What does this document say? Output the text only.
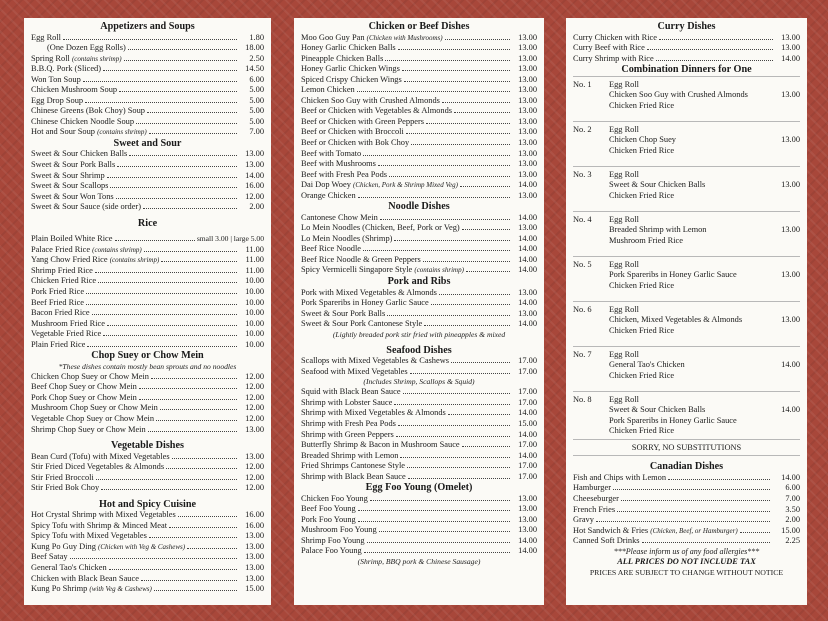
Appetizers and Soups
Egg Roll	1.80
(One Dozen Egg Rolls)	18.00
Spring Roll (contains shrimp)	2.50
B.B.Q. Pork (Sliced)	14.50
Won Ton Soup	6.00
Chicken Mushroom Soup	5.00
Egg Drop Soup	5.00
Chinese Greens (Bok Choy) Soup	5.00
Chinese Chicken Noodle Soup	5.00
Hot and Sour Soup (contains shrimp)	7.00
Sweet and Sour
Sweet & Sour Chicken Balls	13.00
Sweet & Sour Pork Balls	13.00
Sweet & Sour Shrimp	14.00
Sweet & Sour Scallops	16.00
Sweet & Sour Won Tons	12.00
Sweet & Sour Sauce (side order)	2.00
Rice
Plain Boiled White Rice	small 3.00 | large 5.00
Palace Fried Rice (contains shrimp)	11.00
Yang Chow Fried Rice (contains shrimp)	11.00
Shrimp Fried Rice	11.00
Chicken Fried Rice	10.00
Pork Fried Rice	10.00
Beef Fried Rice	10.00
Bacon Fried Rice	10.00
Mushroom Fried Rice	10.00
Vegetable Fried Rice	10.00
Plain Fried Rice	10.00
Chop Suey or Chow Mein
*These dishes contain mostly bean sprouts and no noodles
Chicken Chop Suey or Chow Mein	12.00
Beef Chop Suey or Chow Mein	12.00
Pork Chop Suey or Chow Mein	12.00
Mushroom Chop Suey or Chow Mein	12.00
Vegetable Chop Suey or Chow Mein	12.00
Shrimp Chop Suey or Chow Mein	13.00
Vegetable Dishes
Bean Curd (Tofu) with Mixed Vegetables	13.00
Stir Fried Diced Vegetables & Almonds	12.00
Stir Fried Broccoli	12.00
Stir Fried Bok Choy	12.00
Hot and Spicy Cuisine
Hot Crystal Shrimp with Mixed Vegetables	16.00
Spicy Tofu with Shrimp & Minced Meat	16.00
Spicy Tofu with Mixed Vegetables	13.00
Kung Po Guy Ding (Chicken with Veg & Cashews)	13.00
Beef Satay	13.00
General Tao's Chicken	13.00
Chicken with Black Bean Sauce	13.00
Kung Po Shrimp (with Veg & Cashews)	15.00
Chicken or Beef Dishes
Moo Goo Guy Pan (Chicken with Mushrooms)	13.00
Honey Garlic Chicken Balls	13.00
Pineapple Chicken Balls	13.00
Honey Garlic Chicken Wings	13.00
Spiced Crispy Chicken Wings	13.00
Lemon Chicken	13.00
Chicken Soo Guy with Crushed Almonds	13.00
Beef or Chicken with Vegetables & Almonds	13.00
Beef or Chicken with Green Peppers	13.00
Beef or Chicken with Broccoli	13.00
Beef or Chicken with Bok Choy	13.00
Beef with Tomato	13.00
Beef with Mushrooms	13.00
Beef with Fresh Pea Pods	13.00
Dai Dop Woey (Chicken, Pork & Shrimp Mixed Veg)	14.00
Orange Chicken	13.00
Noodle Dishes
Cantonese Chow Mein	14.00
Lo Mein Noodles (Chicken, Beef, Pork or Veg)	13.00
Lo Mein Noodles (Shrimp)	14.00
Beef Rice Noodle	14.00
Beef Rice Noodle & Green Peppers	14.00
Spicy Vermicelli Singapore Style (contains shrimp)	14.00
Pork and Ribs
Pork with Mixed Vegetables & Almonds	13.00
Pork Spareribs in Honey Garlic Sauce	14.00
Sweet & Sour Pork Balls	13.00
Sweet & Sour Pork Cantonese Style	14.00
(Lightly breaded pork stir fried with pineapples & mixed
Seafood Dishes
Scallops with Mixed Vegetables & Cashews	17.00
Seafood with Mixed Vegetables	17.00
(Includes Shrimp, Scallops & Squid)
Squid with Black Bean Sauce	17.00
Shrimp with Lobster Sauce	17.00
Shrimp with Mixed Vegetables & Almonds	14.00
Shrimp with Fresh Pea Pods	15.00
Shrimp with Green Peppers	14.00
Butterfly Shrimp & Bacon in Mushroom Sauce	17.00
Breaded Shrimp with Lemon	14.00
Fried Shrimps Cantonese Style	17.00
Shrimp with Black Bean Sauce	17.00
Egg Foo Young (Omelet)
Chicken Foo Young	13.00
Beef Foo Young	13.00
Pork Foo Young	13.00
Mushroom Foo Young	13.00
Shrimp Foo Young	14.00
Palace Foo Young	14.00
(Shrimp, BBQ pork & Chinese Sausage)
Curry Dishes
Curry Chicken with Rice	13.00
Curry Beef with Rice	13.00
Curry Shrimp with Rice	14.00
Combination Dinners for One
No. 1	Egg Roll
Chicken Soo Guy with Crushed Almonds
Chicken Fried Rice
13.00
No. 2	Egg Roll
Chicken Chop Suey
Chicken Fried Rice
13.00
No. 3	Egg Roll
Sweet & Sour Chicken Balls
Chicken Fried Rice
13.00
No. 4	Egg Roll
Breaded Shrimp with Lemon
Mushroom Fried Rice
13.00
No. 5	Egg Roll
Pork Spareribs in Honey Garlic Sauce
Chicken Fried Rice
13.00
No. 6	Egg Roll
Chicken, Mixed Vegetables & Almonds
Chicken Fried Rice
13.00
No. 7	Egg Roll
General Tao's Chicken
Chicken Fried Rice
14.00
No. 8	Egg Roll
Sweet & Sour Chicken Balls
Pork Spareribs in Honey Garlic Sauce
Chicken Fried Rice
14.00
SORRY, NO SUBSTITUTIONS
Canadian Dishes
Fish and Chips with Lemon	14.00
Hamburger	6.00
Cheeseburger	7.00
French Fries	3.50
Gravy	2.00
Hot Sandwich & Fries (Chicken, Beef, or Hamburger)	15.00
Canned Soft Drinks	2.25
***Please inform us of any food allergies***
ALL PRICES DO NOT INCLUDE TAX
PRICES ARE SUBJECT TO CHANGE WITHOUT NOTICE
